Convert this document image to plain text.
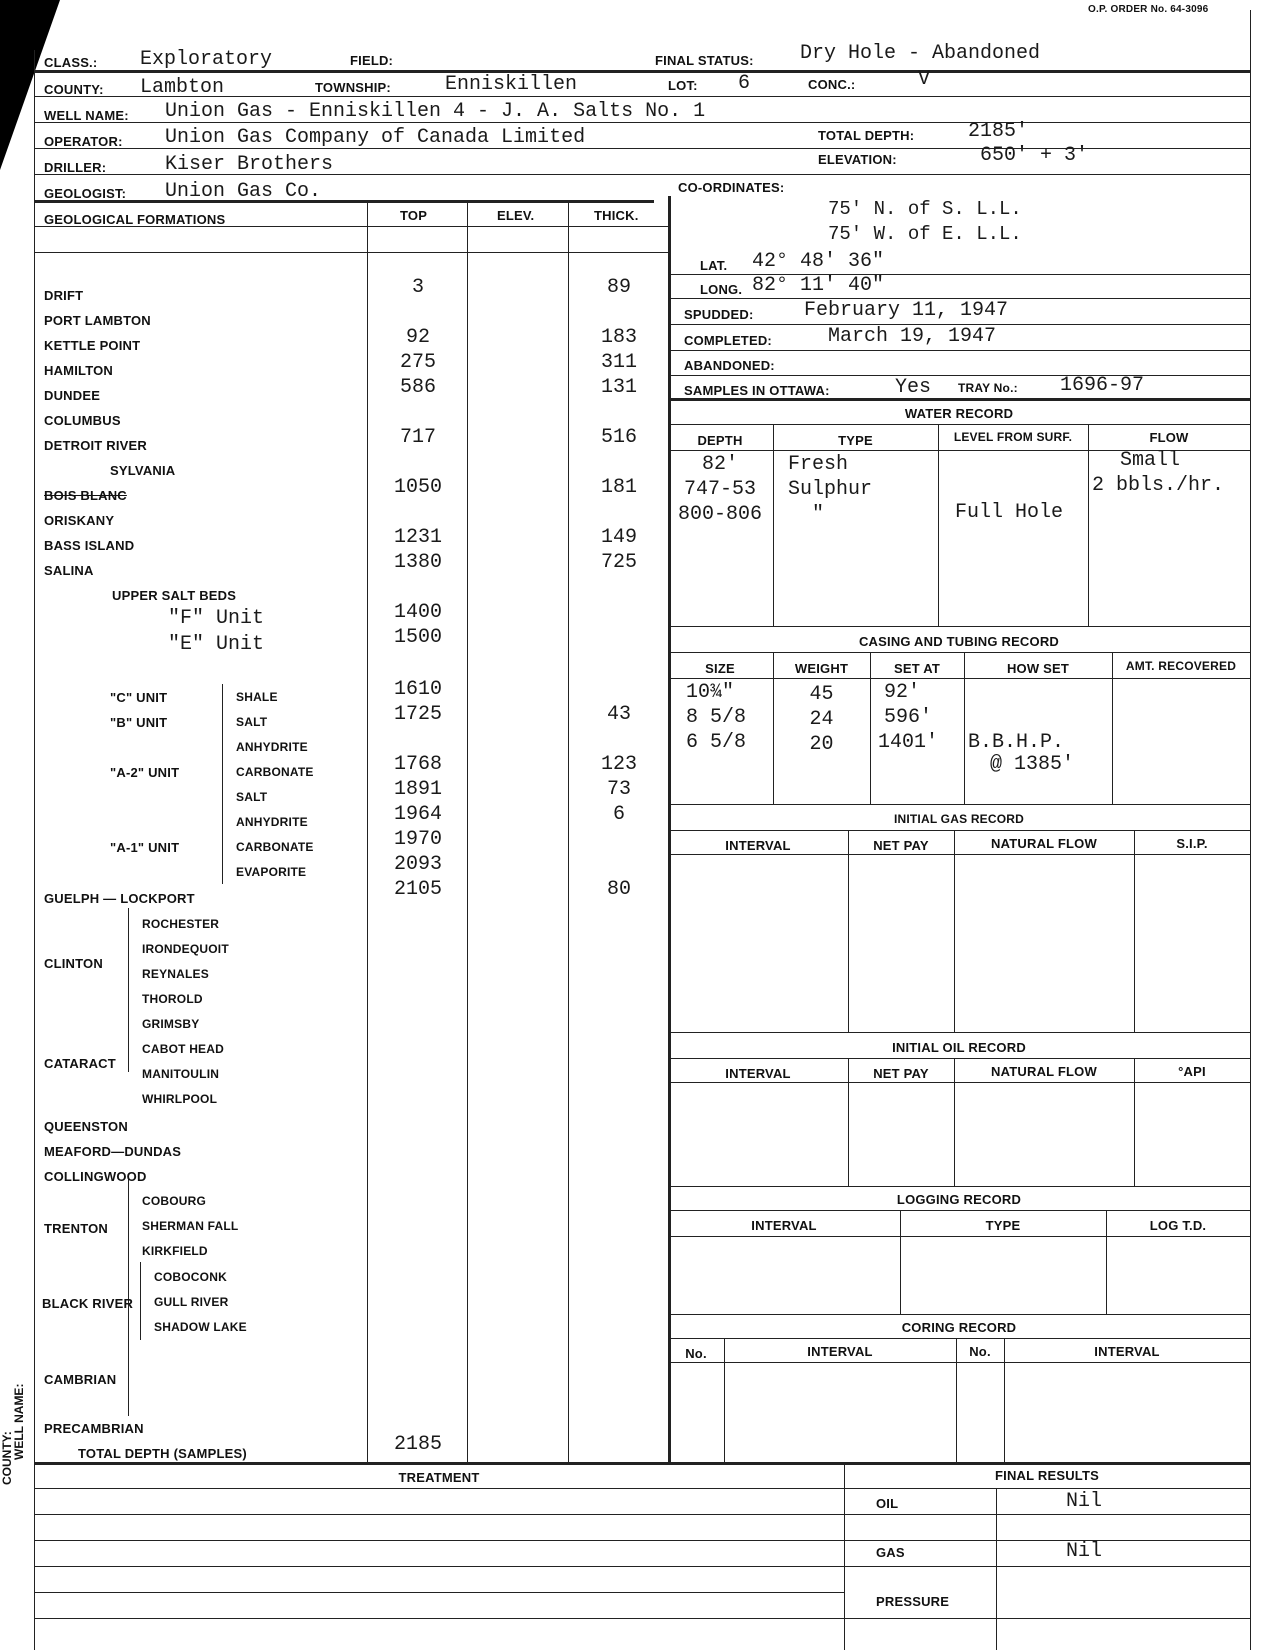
O.P. ORDER No. 64-3096
WELL NAME:
COUNTY:
CLASS.: Exploratory	FIELD:	FINAL STATUS: Dry Hole - Abandoned
COUNTY: Lambton	TOWNSHIP:	Enniskillen	LOT: 6	CONC.:	V
WELL NAME: Union Gas - Enniskillen 4 - J. A. Salts No. 1
OPERATOR: Union Gas Company of Canada Limited	TOTAL DEPTH:	2185'
DRILLER:	Kiser Brothers	ELEVATION:	650' + 3'
GEOLOGIST: Union Gas Co.	CO-ORDINATES:
GEOLOGICAL FORMATIONS	TOP	ELEV.	THICK.
DRIFT
PORT LAMBTON
KETTLE POINT
HAMILTON
DUNDEE
COLUMBUS
DETROIT RIVER
SYLVANIA
BOIS BLANC
ORISKANY
BASS ISLAND
SALINA
UPPER SALT BEDS
"F" Unit
"E" Unit
"C" UNIT	SHALE
"B" UNIT	SALT
ANHYDRITE
"A-2" UNIT	CARBONATE
SALT
ANHYDRITE
"A-1" UNIT	CARBONATE
EVAPORITE
GUELPH — LOCKPORT
CLINTON
ROCHESTER
IRONDEQUOIT
REYNALES
THOROLD
CATARACT
GRIMSBY
CABOT HEAD
MANITOULIN
WHIRLPOOL
QUEENSTON
MEAFORD—DUNDAS
COLLINGWOOD
TRENTON
COBOURG
SHERMAN FALL
KIRKFIELD
BLACK RIVER
COBOCONK
GULL RIVER
SHADOW LAKE
CAMBRIAN
PRECAMBRIAN
TOTAL DEPTH (SAMPLES)
3
92
275
586
717
1050
1231
1380
1400
1500
1610
1725
1768
1891
1964
1970
2093
2105
2185
89
183
311
131
516
181
149
725
43
123
73
6
80
75' N. of S. L.L.
75' W. of E. L.L.
LAT. 42° 48' 36"
LONG. 82° 11' 40"
SPUDDED:	February 11, 1947
COMPLETED:	March 19, 1947
ABANDONED:
SAMPLES IN OTTAWA:	Yes TRAY No.: 1696-97
WATER RECORD
DEPTH	TYPE	LEVEL FROM SURF.	FLOW
82'	Fresh	Small
747-53	Sulphur	2 bbls./hr.
800-806	"	Full Hole
CASING AND TUBING RECORD
SIZE	WEIGHT	SET AT	HOW SET	AMT. RECOVERED
10¾"	45	92'
8 5/8	24	596'
6 5/8	20	1401' B.B.H.P.
@ 1385'
INITIAL GAS RECORD
INTERVAL	NET PAY	NATURAL FLOW	S.I.P.
INITIAL OIL RECORD
INTERVAL	NET PAY	NATURAL FLOW	°API
LOGGING RECORD
INTERVAL	TYPE	LOG T.D.
CORING RECORD
No.	INTERVAL	No.	INTERVAL
TREATMENT	FINAL RESULTS
OIL	Nil
GAS	Nil
PRESSURE
